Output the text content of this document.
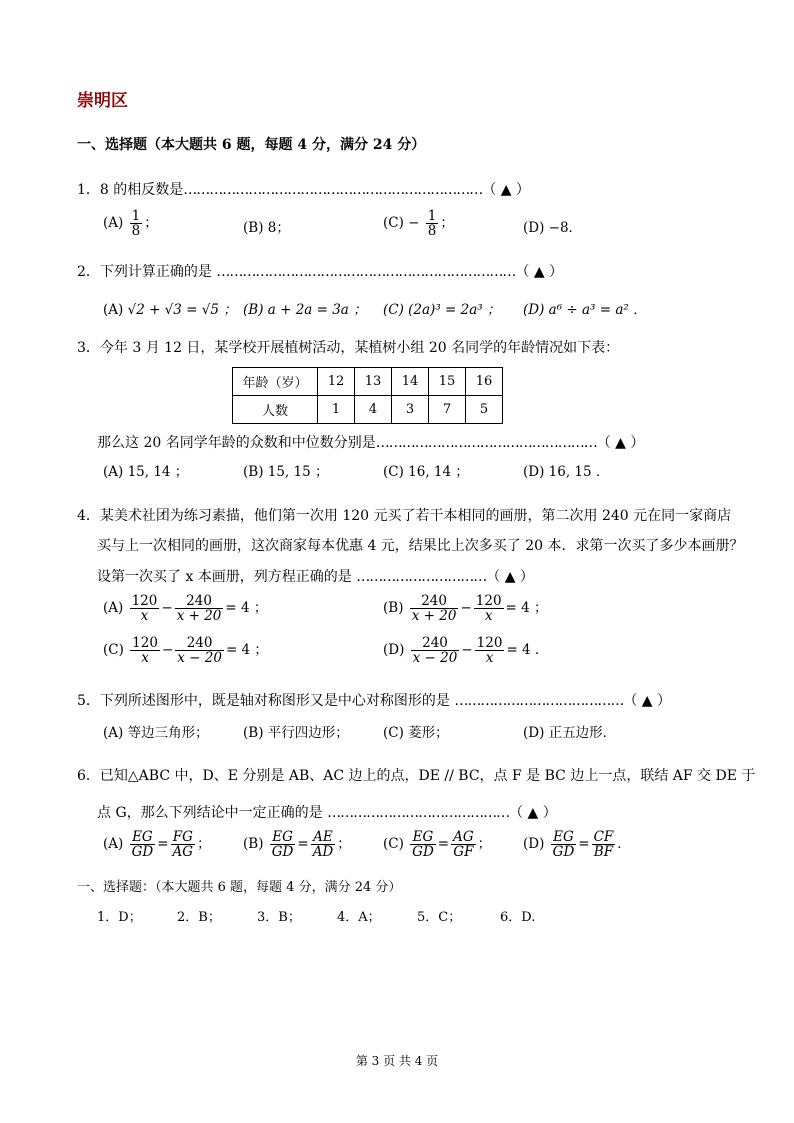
崇明区
一、选择题（本大题共 6 题，每题 4 分，满分 24 分）
1．8 的相反数是……………………………………………………………（ ▲ ）
$(A) \frac{1}{8}$ ；	(B) 8；	$(C) - \frac{1}{8}$ ；	(D) −8．
2．下列计算正确的是 ……………………………………………………………（ ▲ ）
(A) √2 + √3 = √5 ； (B) a + 2a = 3a ； (C) (2a)³ = 2a³ ； (D) a⁶ ÷ a³ = a² ．
3．今年 3 月 12 日，某学校开展植树活动，某植树小组 20 名同学的年龄情况如下表：
年龄（岁）	12	13	14	15	16
人数	1	4	3	7	5
那么这 20 名同学年龄的众数和中位数分别是……………………………………………（ ▲ ）
(A) 15, 14 ；	(B) 15, 15 ；	(C) 16, 14 ；	(D) 16, 15 ．
4．某美术社团为练习素描，他们第一次用 120 元买了若干本相同的画册，第二次用 240 元在同一家商店
买与上一次相同的画册，这次商家每本优惠 4 元，结果比上次多买了 20 本．求第一次买了多少本画册？
设第一次买了 x 本画册，列方程正确的是 …………………………（ ▲ ）
$(A) \frac{120}{x} - \frac{240}{x + 20} = 4$ ；	$(B) \frac{240}{x + 20} - \frac{120}{x} = 4$ ；
$(C) \frac{120}{x} - \frac{240}{x - 20} = 4$ ；	$(D) \frac{240}{x - 20} - \frac{120}{x} = 4$ ．
5．下列所述图形中，既是轴对称图形又是中心对称图形的是 …………………………………（ ▲ ）
(A) 等边三角形；	(B) 平行四边形；	(C) 菱形；	(D) 正五边形．
6．已知△ABC 中，D、E 分别是 AB、AC 边上的点，DE // BC，点 F 是 BC 边上一点，联结 AF 交 DE 于
点 G，那么下列结论中一定正确的是 ……………………………………（ ▲ ）
$(A) \frac{EG}{GD} = \frac{FG}{AG}$ ； $(B) \frac{EG}{GD} = \frac{AE}{AD}$ ； $(C) \frac{EG}{GD} = \frac{AG}{GF}$ ； $(D) \frac{EG}{GD} = \frac{CF}{BF}$ ．
一、选择题：（本大题共 6 题，每题 4 分，满分 24 分）
1．D；	2．B；	3．B；	4．A；	5．C；	6．D.
第 3 页 共 4 页
